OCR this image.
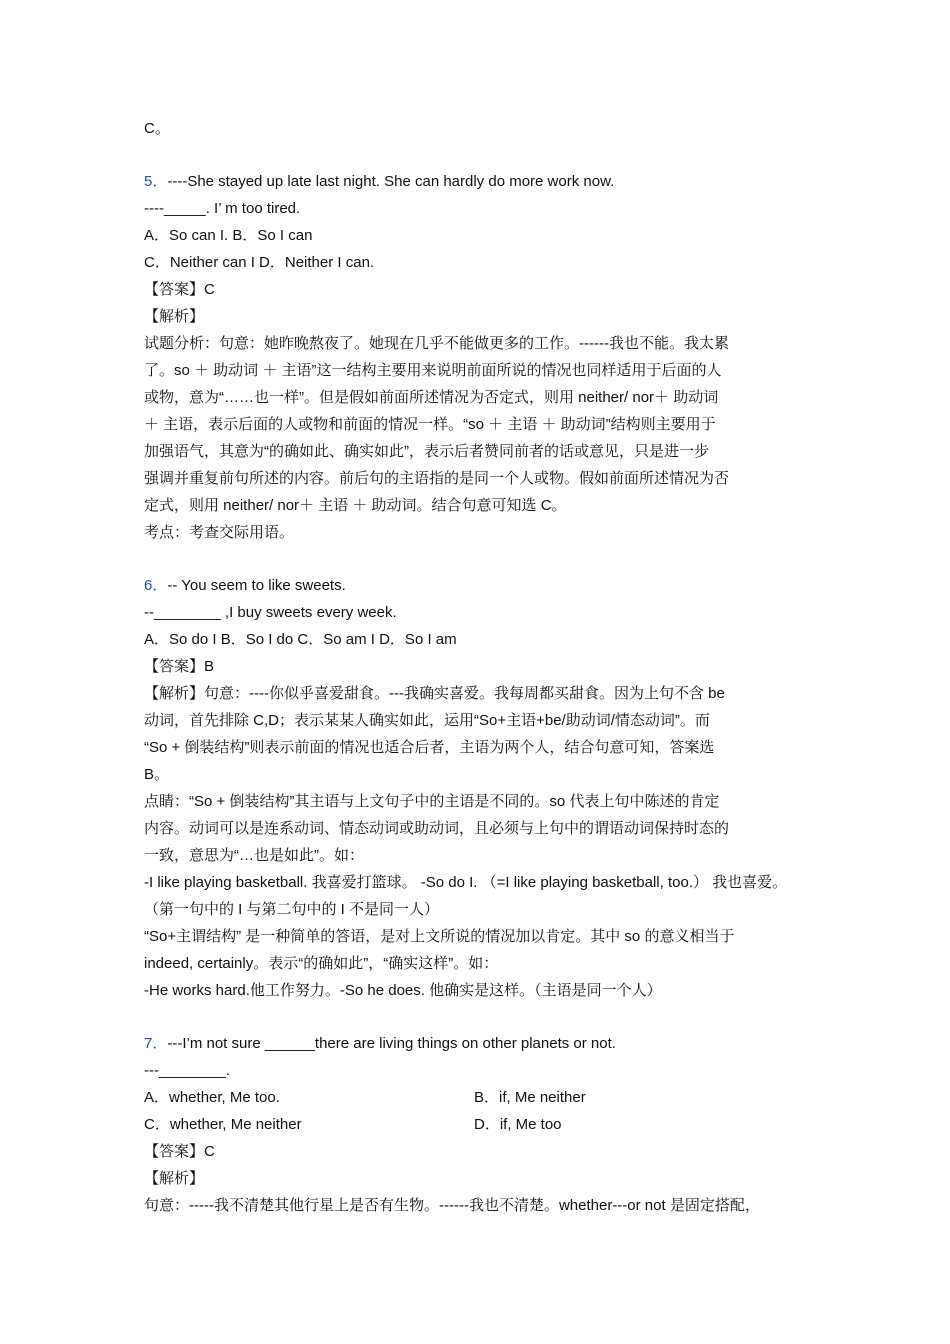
C。
5．----She stayed up late last night. She can hardly do more work now.
----_____. I’ m too tired.
A．So can I. B．So I can
C．Neither can I D．Neither I can.
【答案】C
【解析】
试题分析：句意：她昨晚熬夜了。她现在几乎不能做更多的工作。------我也不能。我太累
了。so ＋ 助动词 ＋ 主语”这一结构主要用来说明前面所说的情况也同样适用于后面的人
或物，意为“……也一样”。但是假如前面所述情况为否定式，则用 neither/ nor＋ 助动词
＋ 主语，表示后面的人或物和前面的情况一样。“so ＋ 主语 ＋ 助动词”结构则主要用于
加强语气，其意为“的确如此、确实如此”，表示后者赞同前者的话或意见，只是进一步
强调并重复前句所述的内容。前后句的主语指的是同一个人或物。假如前面所述情况为否
定式，则用 neither/ nor＋ 主语 ＋ 助动词。结合句意可知选 C。
考点：考查交际用语。
6．-- You seem to like sweets.
--________ ,I buy sweets every week.
A．So do I B．So I do C．So am I D．So I am
【答案】B
【解析】句意：----你似乎喜爱甜食。---我确实喜爱。我每周都买甜食。因为上句不含 be
动词，首先排除 C,D；表示某某人确实如此，运用“So+主语+be/助动词/情态动词”。而
“So + 倒装结构”则表示前面的情况也适合后者，主语为两个人，结合句意可知，答案选
B。
点睛：“So + 倒装结构”其主语与上文句子中的主语是不同的。so 代表上句中陈述的肯定
内容。动词可以是连系动词、情态动词或助动词，且必须与上句中的谓语动词保持时态的
一致，意思为“…也是如此”。如：
-I like playing basketball. 我喜爱打篮球。 -So do I. （=I like playing basketball, too.） 我也喜爱。
（第一句中的 I 与第二句中的 I 不是同一人）
“So+主谓结构” 是一种简单的答语，是对上文所说的情况加以肯定。其中 so 的意义相当于
indeed, certainly。表示“的确如此”，“确实这样”。如：
-He works hard.他工作努力。-So he does. 他确实是这样。（主语是同一个人）
7．---I’m not sure ______there are living things on other planets or not.
---________.
A．whether, Me too.	B．if, Me neither
C．whether, Me neither	D．if, Me too
【答案】C
【解析】
句意：-----我不清楚其他行星上是否有生物。------我也不清楚。whether---or not 是固定搭配，
